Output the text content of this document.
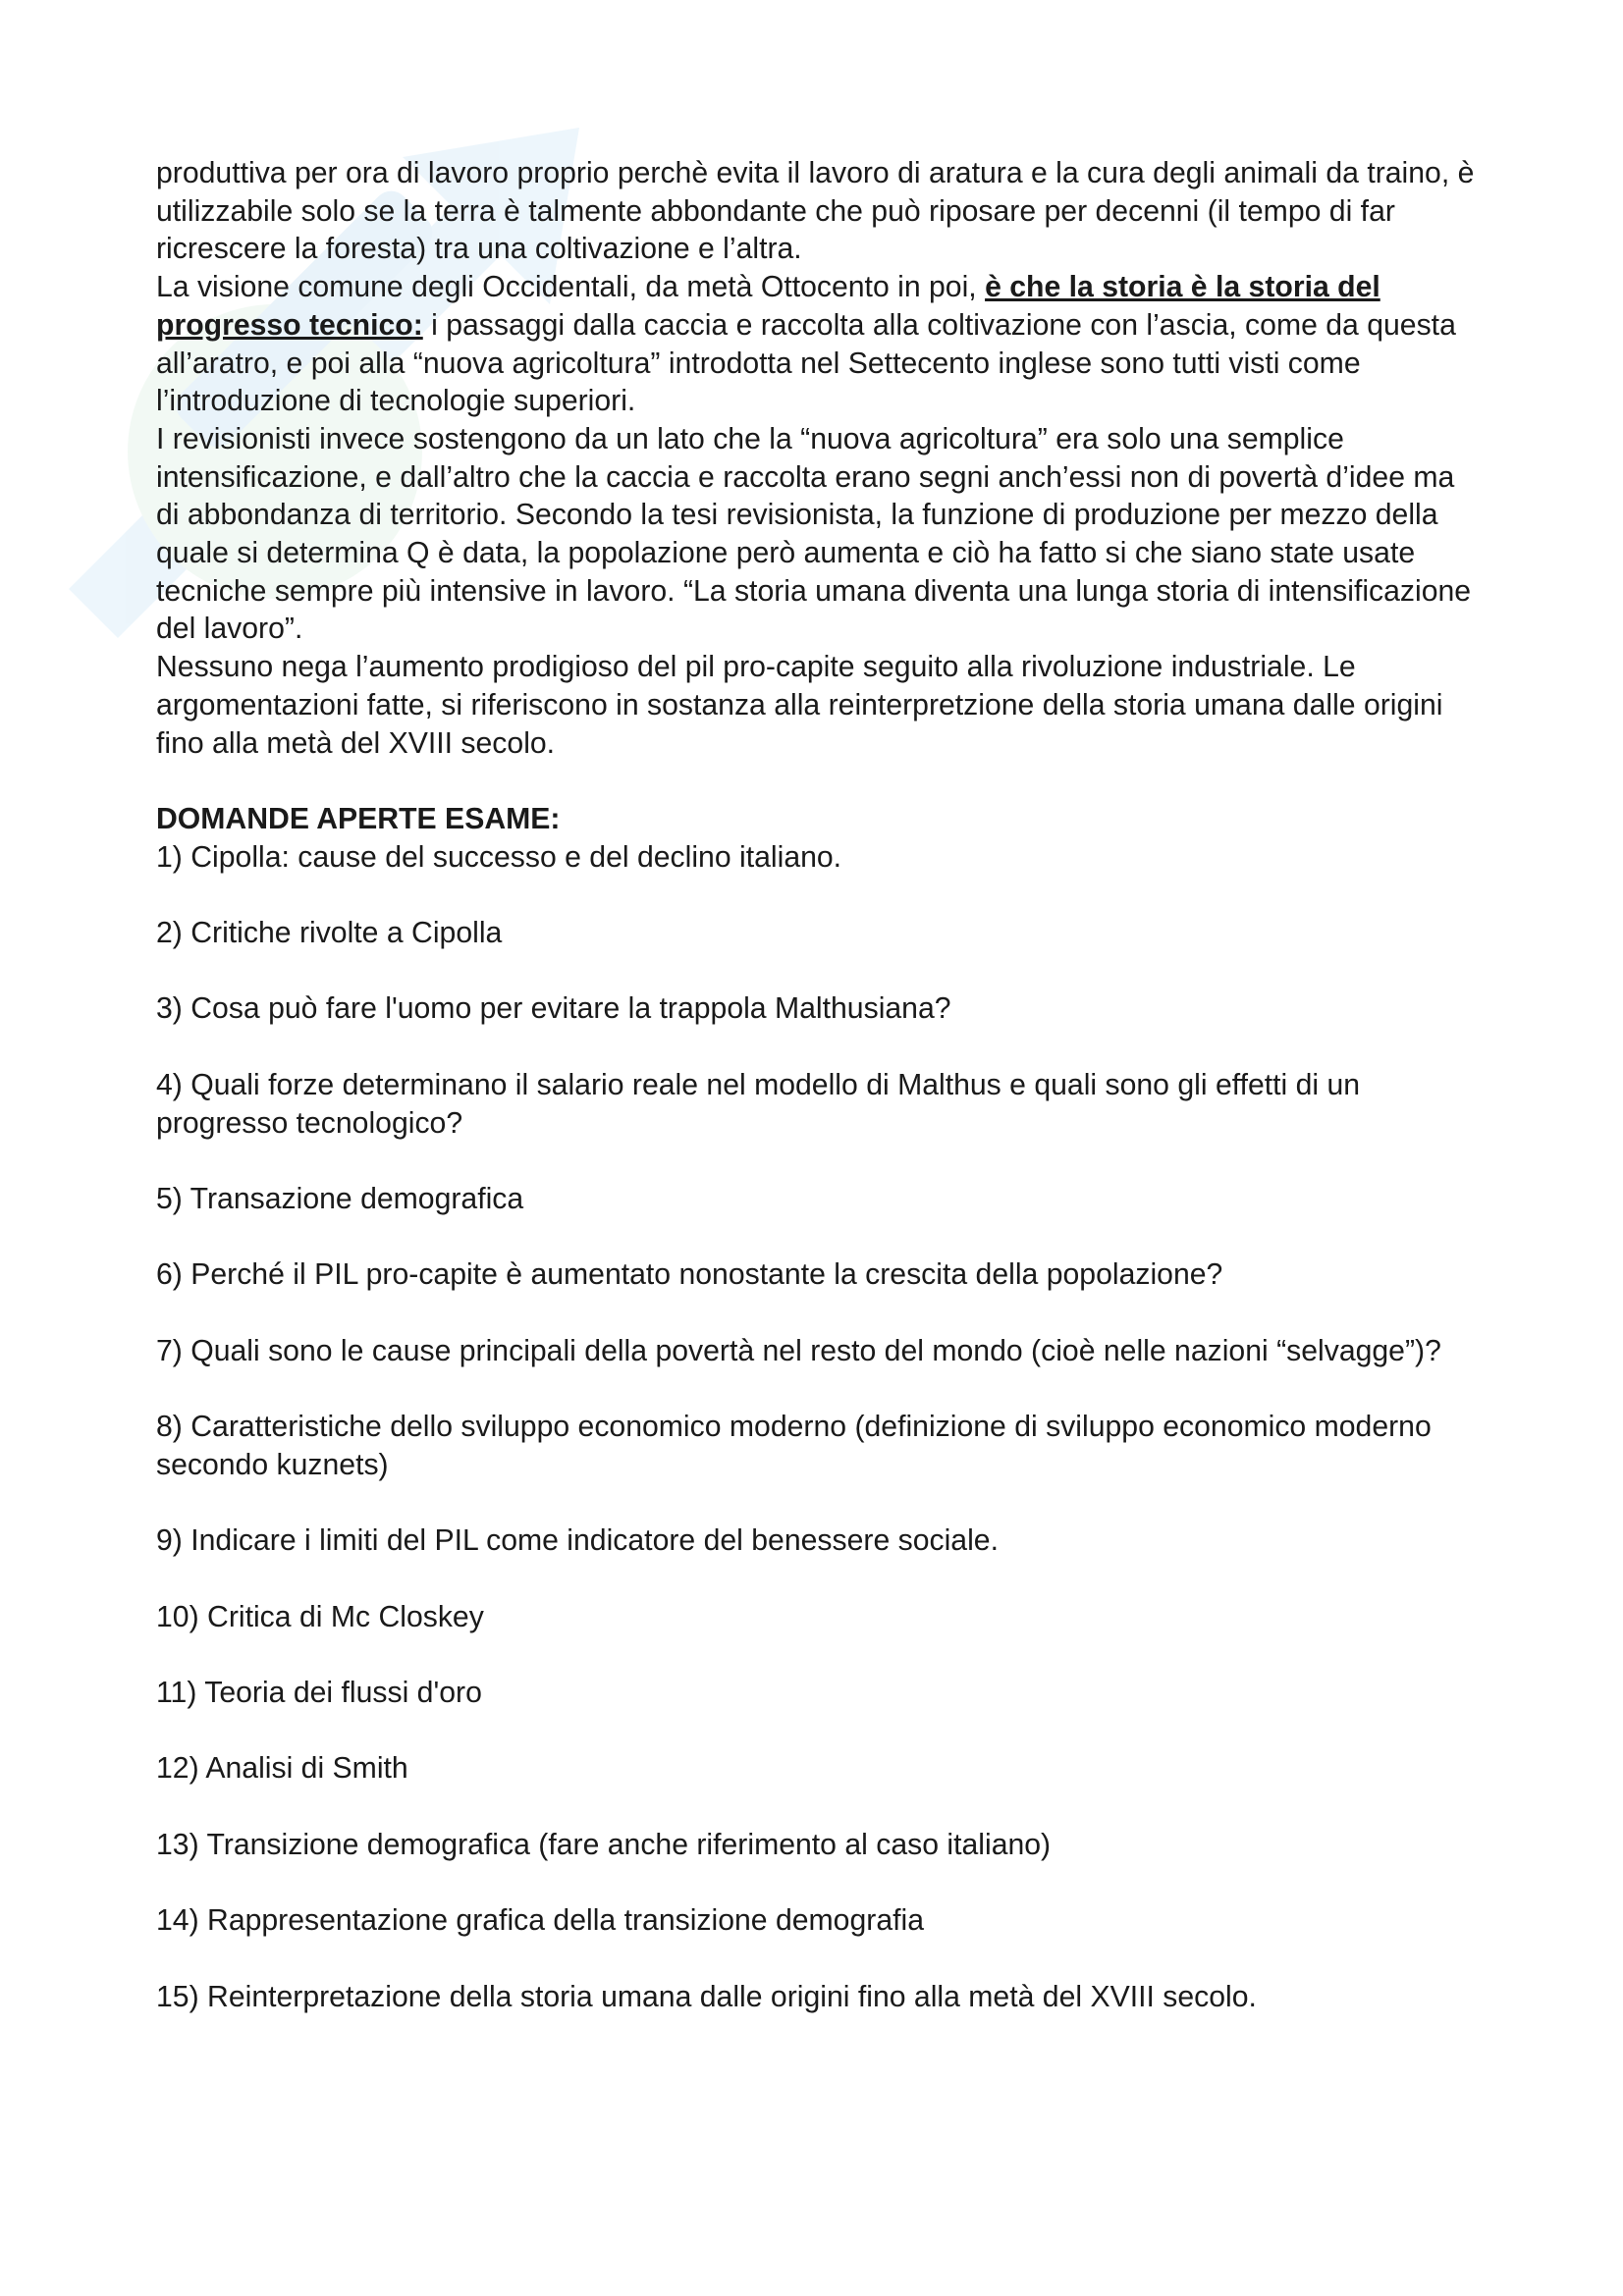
produttiva per ora di lavoro proprio perchè evita il lavoro di aratura e la cura degli animali da traino, è utilizzabile solo se la terra è talmente abbondante che può riposare per decenni (il tempo di far ricrescere la foresta) tra una coltivazione e l’altra.

La visione comune degli Occidentali, da metà Ottocento in poi, è che la storia è la storia del progresso tecnico: i passaggi dalla caccia e raccolta alla coltivazione con l’ascia, come da questa all’aratro, e poi alla “nuova agricoltura” introdotta nel Settecento inglese sono tutti visti come l’introduzione di tecnologie superiori.

I revisionisti invece sostengono da un lato che la “nuova agricoltura” era solo una semplice intensificazione, e dall’altro che la caccia e raccolta erano segni anch’essi non di povertà d’idee ma di abbondanza di territorio. Secondo la tesi revisionista, la funzione di produzione per mezzo della quale si determina Q è data, la popolazione però aumenta e ciò ha fatto si che siano state usate tecniche sempre più intensive in lavoro. “La storia umana diventa una lunga storia di intensificazione del lavoro”.

Nessuno nega l’aumento prodigioso del pil pro-capite seguito alla rivoluzione industriale. Le argomentazioni fatte, si riferiscono in sostanza alla reinterpretzione della storia umana dalle origini fino alla metà del XVIII secolo.

DOMANDE APERTE ESAME:

1) Cipolla: cause del successo e del declino italiano.
2) Critiche rivolte a Cipolla
3) Cosa può fare l'uomo per evitare la trappola Malthusiana?
4) Quali forze determinano il salario reale nel modello di Malthus e quali sono gli effetti di un progresso tecnologico?
5) Transazione demografica
6) Perché il PIL pro-capite è aumentato nonostante la crescita della popolazione?
7) Quali sono le cause principali della povertà nel resto del mondo (cioè nelle nazioni “selvagge”)?
8) Caratteristiche dello sviluppo economico moderno (definizione di sviluppo economico moderno secondo kuznets)
9) Indicare i limiti del PIL come indicatore del benessere sociale.
10) Critica di Mc Closkey
11) Teoria dei flussi d'oro
12) Analisi di Smith
13) Transizione demografica (fare anche riferimento al caso italiano)
14) Rappresentazione grafica della transizione demografia
15) Reinterpretazione della storia umana dalle origini fino alla metà del XVIII secolo.
